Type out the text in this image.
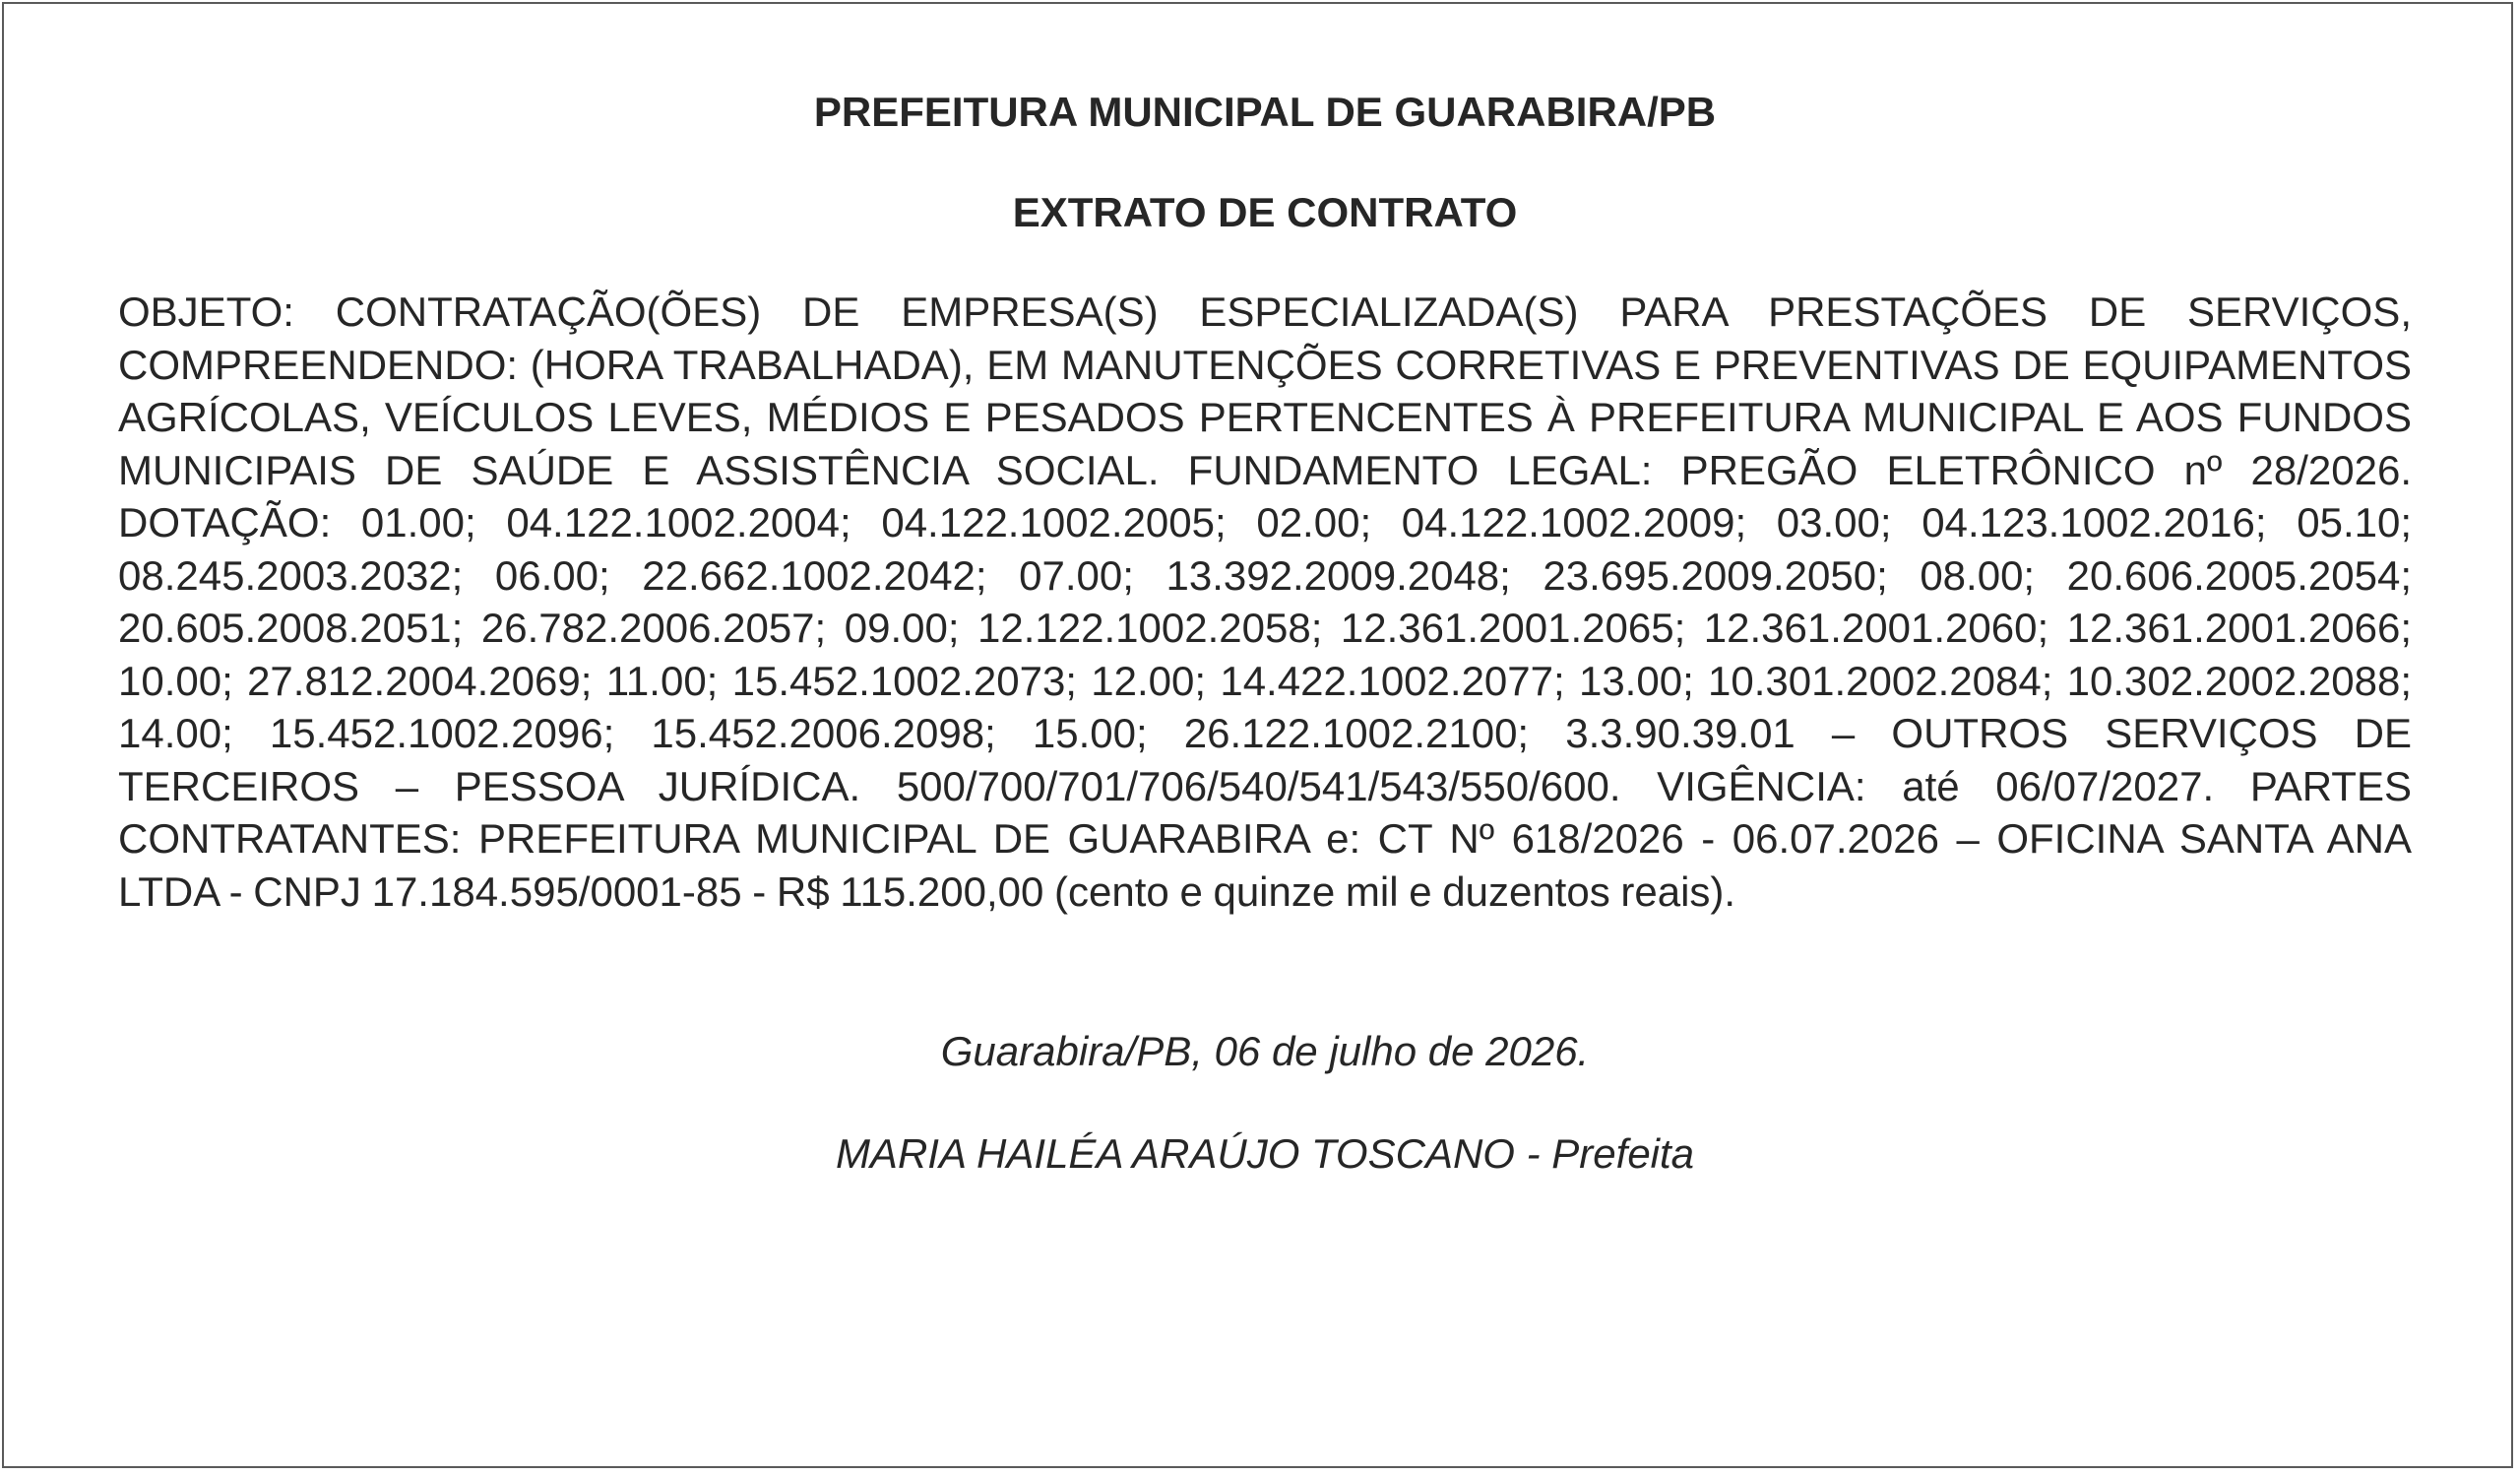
PREFEITURA MUNICIPAL DE GUARABIRA/PB

EXTRATO DE CONTRATO

OBJETO: CONTRATAÇÃO(ÕES) DE EMPRESA(S) ESPECIALIZADA(S) PARA PRESTAÇÕES DE SERVIÇOS, COMPREENDENDO: (HORA TRABALHADA), EM MANUTENÇÕES CORRETIVAS E PREVENTIVAS DE EQUIPAMENTOS AGRÍCOLAS, VEÍCULOS LEVES, MÉDIOS E PESADOS PERTENCENTES À PREFEITURA MUNICIPAL E AOS FUNDOS MUNICIPAIS DE SAÚDE E ASSISTÊNCIA SOCIAL. FUNDAMENTO LEGAL: PREGÃO ELETRÔNICO nº 28/2026. DOTAÇÃO: 01.00; 04.122.1002.2004; 04.122.1002.2005; 02.00; 04.122.1002.2009; 03.00; 04.123.1002.2016; 05.10; 08.245.2003.2032; 06.00; 22.662.1002.2042; 07.00; 13.392.2009.2048; 23.695.2009.2050; 08.00; 20.606.2005.2054; 20.605.2008.2051; 26.782.2006.2057; 09.00; 12.122.1002.2058; 12.361.2001.2065; 12.361.2001.2060; 12.361.2001.2066; 10.00; 27.812.2004.2069; 11.00; 15.452.1002.2073; 12.00; 14.422.1002.2077; 13.00; 10.301.2002.2084; 10.302.2002.2088; 14.00; 15.452.1002.2096; 15.452.2006.2098; 15.00; 26.122.1002.2100; 3.3.90.39.01 – OUTROS SERVIÇOS DE TERCEIROS – PESSOA JURÍDICA. 500/700/701/706/540/541/543/550/600. VIGÊNCIA: até 06/07/2027. PARTES CONTRATANTES: PREFEITURA MUNICIPAL DE GUARABIRA e: CT Nº 618/2026 - 06.07.2026 – OFICINA SANTA ANA LTDA - CNPJ 17.184.595/0001-85 - R$ 115.200,00 (cento e quinze mil e duzentos reais).

Guarabira/PB, 06 de julho de 2026.

MARIA HAILÉA ARAÚJO TOSCANO - Prefeita
